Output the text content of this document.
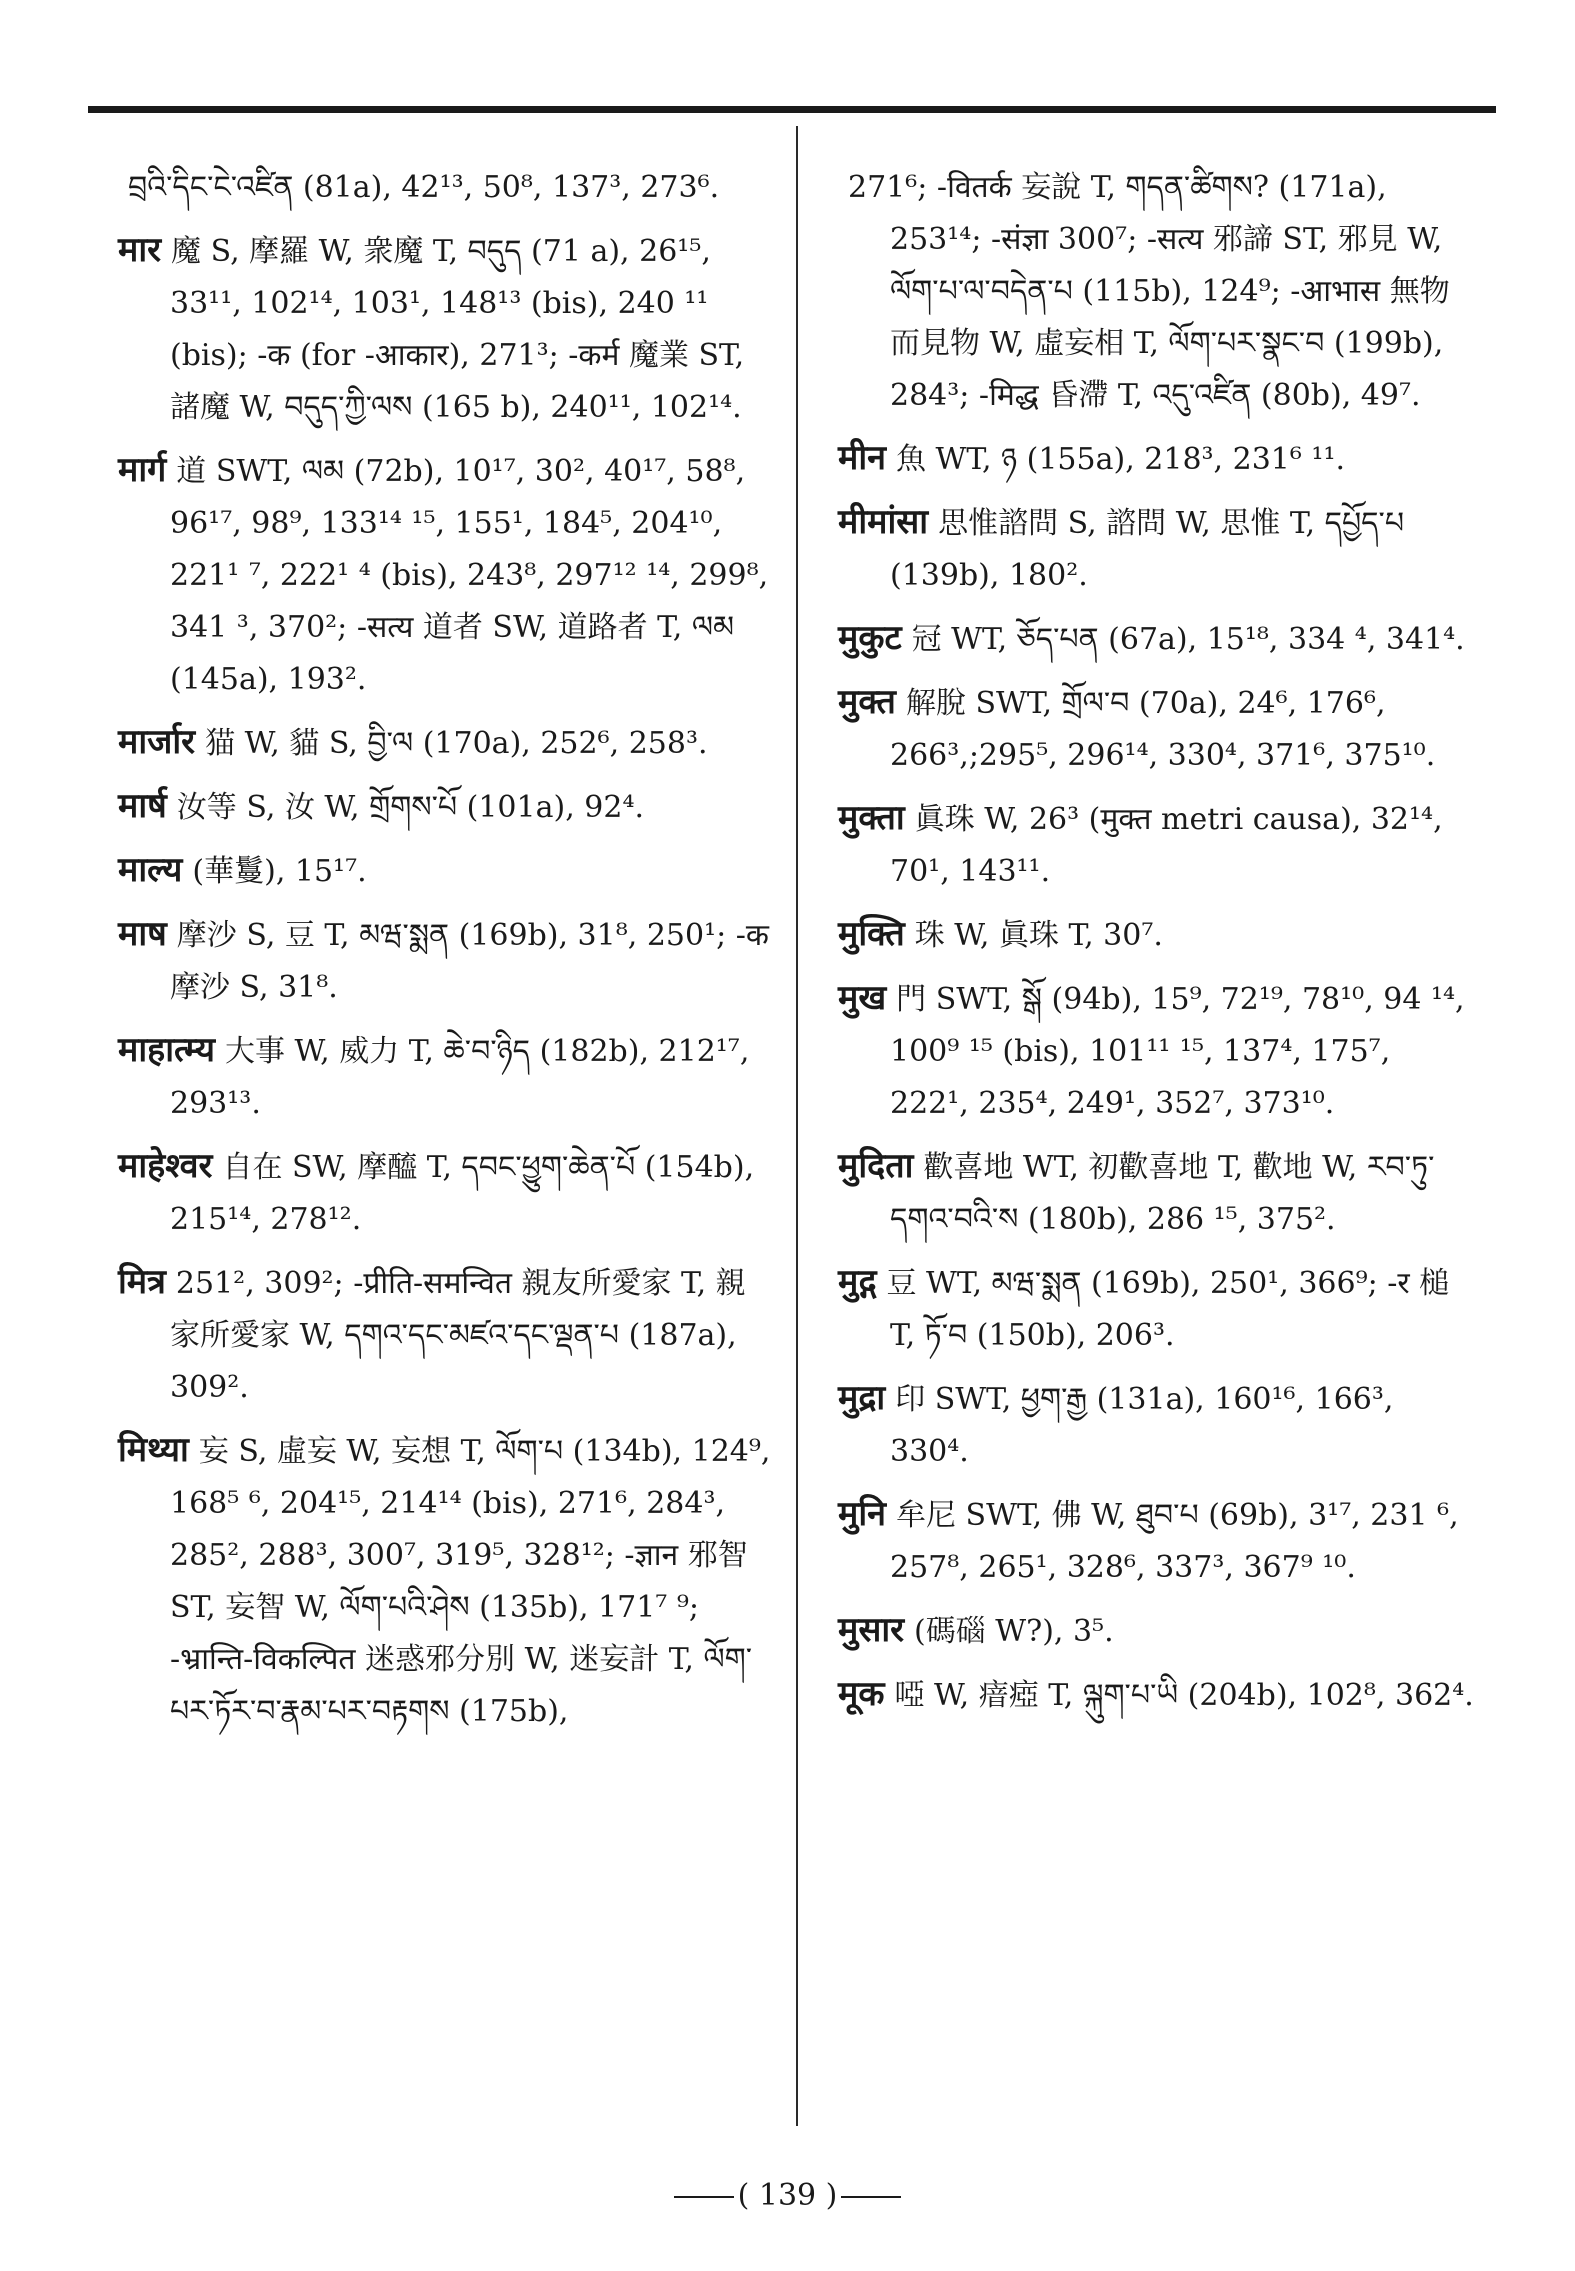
བྲའི་དིང་ངེ་འཛིན (81a), 42¹³, 50⁸, 137³, 273⁶.
मार 魔 S, 摩羅 W, 衆魔 T, བདུད (71 a), 26¹⁵, 33¹¹, 102¹⁴, 103¹, 148¹³ (bis), 240 ¹¹ (bis); -क (for -आकार), 271³; -कर्म 魔業 ST, 諸魔 W, བདུད་ཀྱི་ལས (165 b), 240¹¹, 102¹⁴.
मार्ग 道 SWT, ལམ (72b), 10¹⁷, 30², 40¹⁷, 58⁸, 96¹⁷, 98⁹, 133¹⁴ ¹⁵, 155¹, 184⁵, 204¹⁰, 221¹ ⁷, 222¹ ⁴ (bis), 243⁸, 297¹² ¹⁴, 299⁸, 341 ³, 370²; -सत्य 道者 SW, 道路者 T, ལམ (145a), 193².
मार्जार 猫 W, 貓 S, བྱི་ལ (170a), 252⁶, 258³.
मार्ष 汝等 S, 汝 W, གྲོགས་པོ (101a), 92⁴.
माल्य (華鬘), 15¹⁷.
माष 摩沙 S, 豆 T, མཝ་སྨན (169b), 31⁸, 250¹; -क 摩沙 S, 31⁸.
माहात्म्य 大事 W, 威力 T, ཆེ་བ་ཉིད (182b), 212¹⁷, 293¹³.
माहेश्वर 自在 SW, 摩醯 T, དབང་ཕྱུག་ཆེན་པོ (154b), 215¹⁴, 278¹².
मित्र 251², 309²; -प्रीति-समन्वित 親友所愛家 T, 親家所愛家 W, དགའ་དང་མཛའ་དང་ལྡན་པ (187a), 309².
मिथ्या 妄 S, 虛妄 W, 妄想 T, ལོག་པ (134b), 124⁹, 168⁵ ⁶, 204¹⁵, 214¹⁴ (bis), 271⁶, 284³, 285², 288³, 300⁷, 319⁵, 328¹²; -ज्ञान 邪智 ST, 妄智 W, ལོག་པའི་ཤེས (135b), 171⁷ ⁹; -भ्रान्ति-विकल्पित 迷惑邪分別 W, 迷妄計 T, ལོག་པར་ཏོར་བ་རྣམ་པར་བརྟགས (175b),
271⁶; -वितर्क 妄說 T, གདན་ཚིགས? (171a), 253¹⁴; -संज्ञा 300⁷; -सत्य 邪諦 ST, 邪見 W, ལོག་པ་ལ་བདེན་པ (115b), 124⁹; -आभास 無物而見物 W, 虛妄相 T, ལོག་པར་སྣང་བ (199b), 284³; -मिद्ध 昏滯 T, འདུ་འཛིན (80b), 49⁷.
मीन 魚 WT, ཉ (155a), 218³, 231⁶ ¹¹.
मीमांसा 思惟諮問 S, 諮問 W, 思惟 T, དཔྱོད་པ (139b), 180².
मुकुट 冠 WT, ཅོད་པན (67a), 15¹⁸, 334 ⁴, 341⁴.
मुक्त 解脫 SWT, གྲོལ་བ (70a), 24⁶, 176⁶, 266³,;295⁵, 296¹⁴, 330⁴, 371⁶, 375¹⁰.
मुक्ता 眞珠 W, 26³ (मुक्त metri causa), 32¹⁴, 70¹, 143¹¹.
मुक्ति 珠 W, 眞珠 T, 30⁷.
मुख 門 SWT, སྒོ (94b), 15⁹, 72¹⁹, 78¹⁰, 94 ¹⁴, 100⁹ ¹⁵ (bis), 101¹¹ ¹⁵, 137⁴, 175⁷, 222¹, 235⁴, 249¹, 352⁷, 373¹⁰.
मुदिता 歡喜地 WT, 初歡喜地 T, 歡地 W, རབ་ཏུ་དགའ་བའི་ས (180b), 286 ¹⁵, 375².
मुद्ग 豆 WT, མཝ་སྨན (169b), 250¹, 366⁹; -र 槌 T, ཏོ་བ (150b), 206³.
मुद्रा 印 SWT, ཕྱག་རྒྱ (131a), 160¹⁶, 166³, 330⁴.
मुनि 牟尼 SWT, 佛 W, ཐུབ་པ (69b), 3¹⁷, 231 ⁶, 257⁸, 265¹, 328⁶, 337³, 367⁹ ¹⁰.
मुसार (碼碯 W?), 3⁵.
मूक 啞 W, 瘖瘂 T, ལྐུག་པ་ཡི (204b), 102⁸, 362⁴.
( 139 )
